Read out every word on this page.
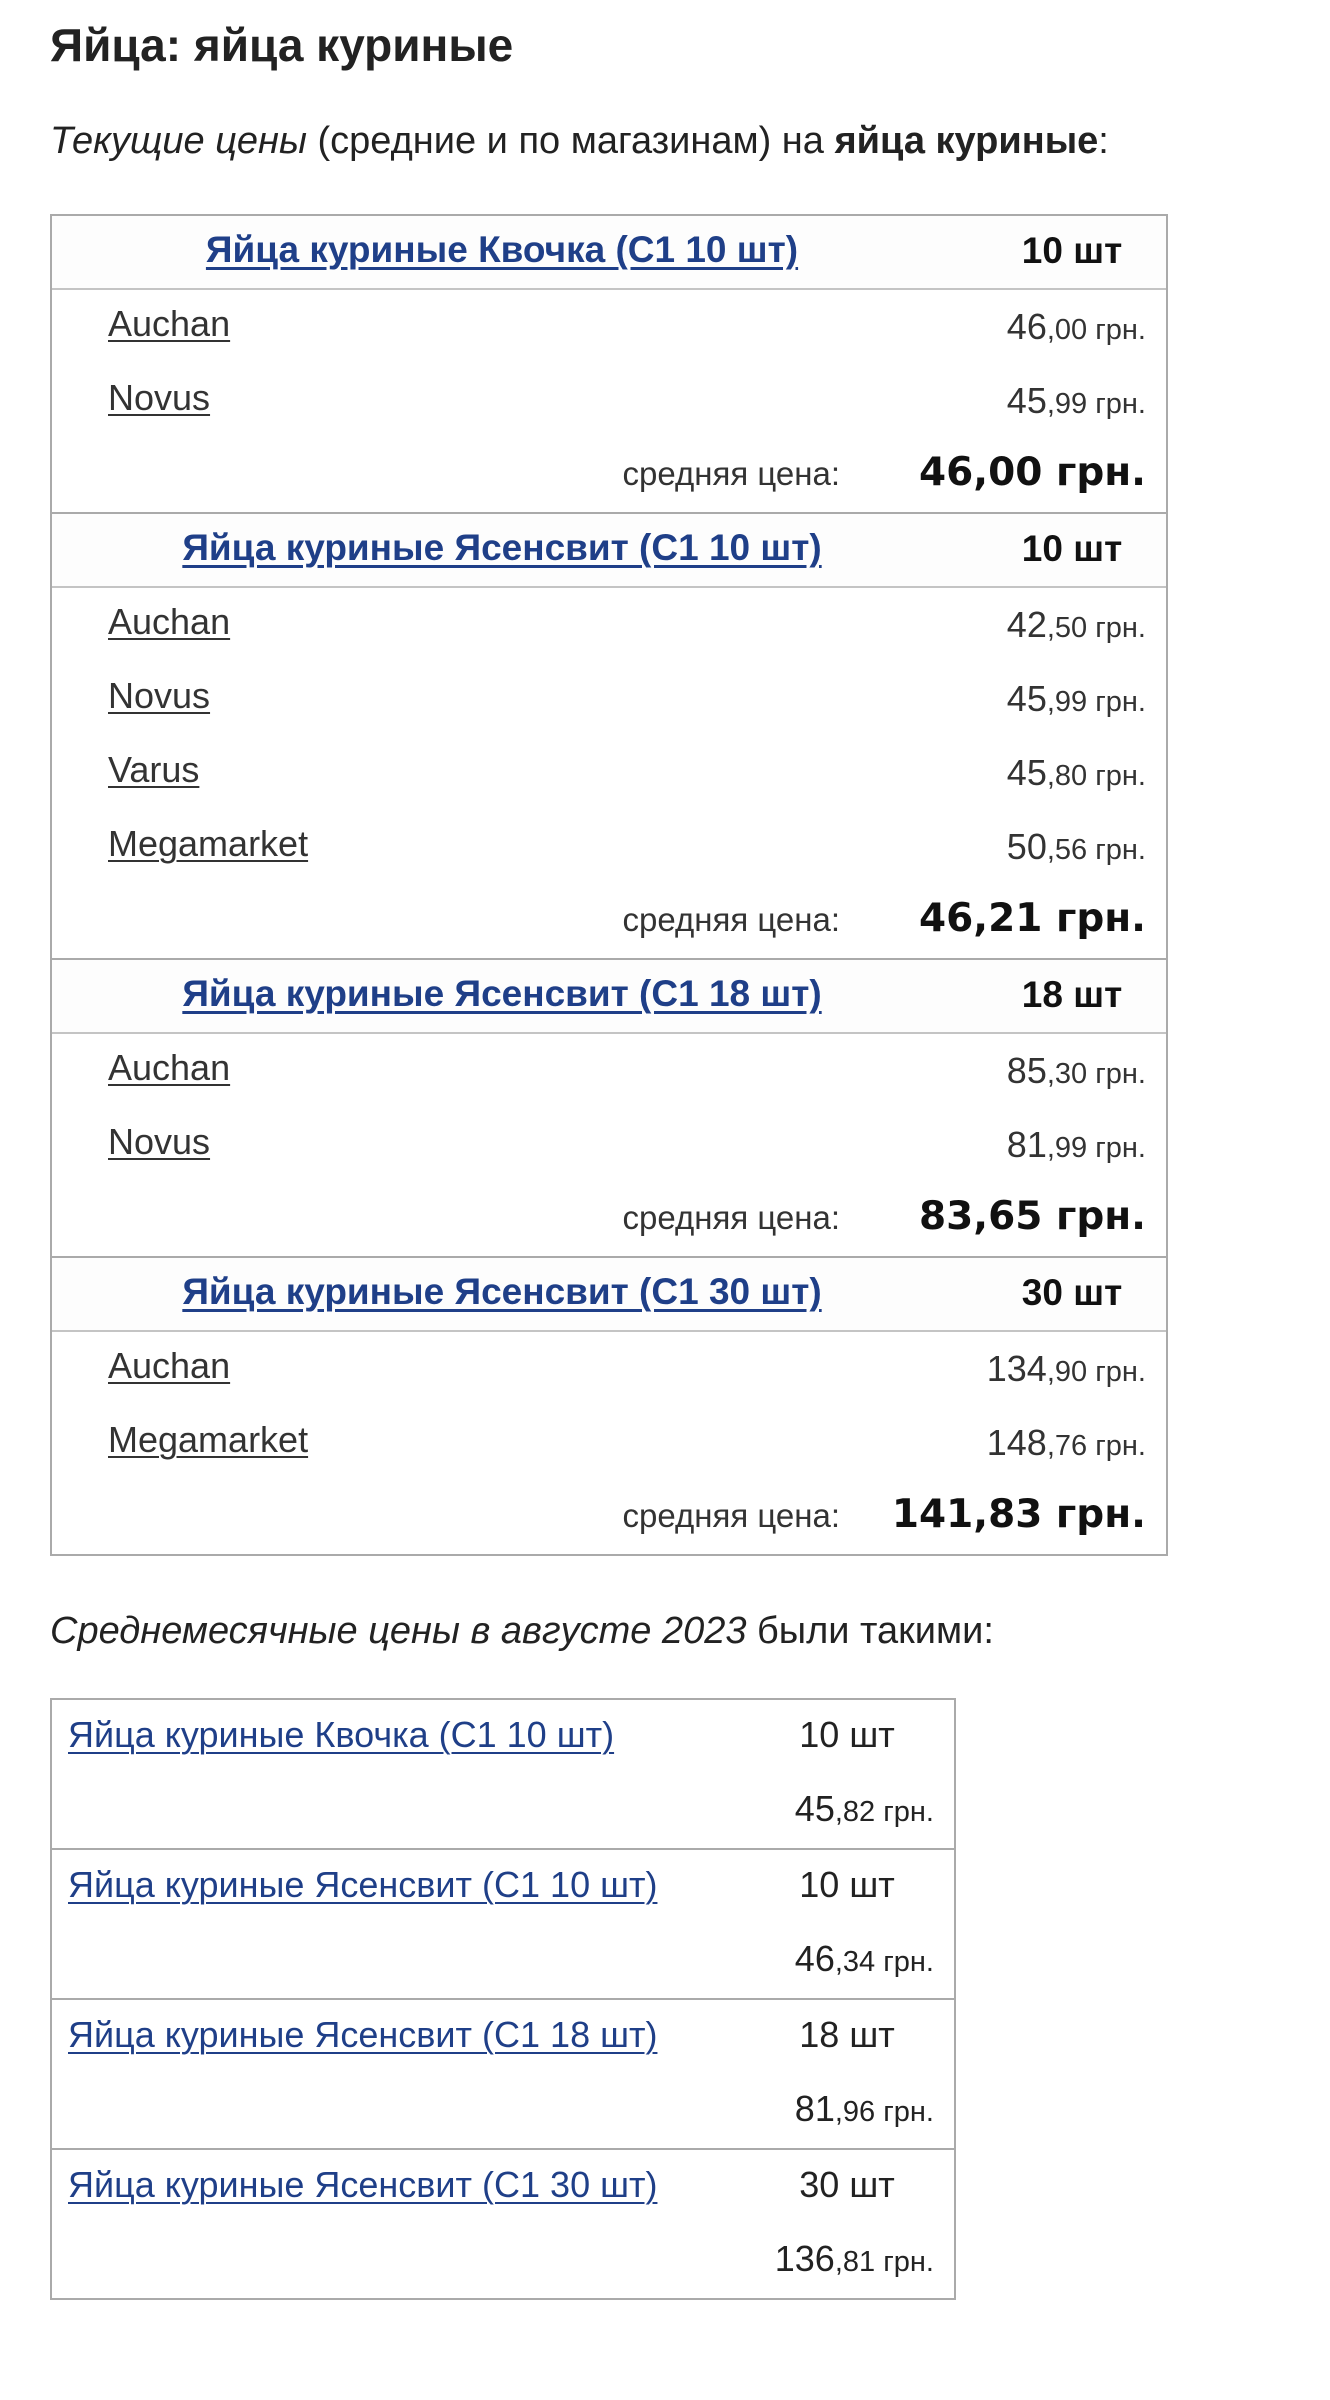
Яйца: яйца куриные
Текущие цены (средние и по магазинам) на яйца куриные:
Яйца куриные Квочка (С1 10 шт)	10 шт
Auchan	46,00 грн.
Novus	45,99 грн.
средняя цена: 46,00 грн.
Яйца куриные Ясенсвит (С1 10 шт)	10 шт
Auchan	42,50 грн.
Novus	45,99 грн.
Varus	45,80 грн.
Megamarket	50,56 грн.
средняя цена: 46,21 грн.
Яйца куриные Ясенсвит (С1 18 шт)	18 шт
Auchan	85,30 грн.
Novus	81,99 грн.
средняя цена: 83,65 грн.
Яйца куриные Ясенсвит (С1 30 шт)	30 шт
Auchan	134,90 грн.
Megamarket	148,76 грн.
средняя цена: 141,83 грн.
Среднемесячные цены в августе 2023 были такими:
Яйца куриные Квочка (С1 10 шт)	10 шт
45,82 грн.
Яйца куриные Ясенсвит (С1 10 шт)	10 шт
46,34 грн.
Яйца куриные Ясенсвит (С1 18 шт)	18 шт
81,96 грн.
Яйца куриные Ясенсвит (С1 30 шт)	30 шт
136,81 грн.
